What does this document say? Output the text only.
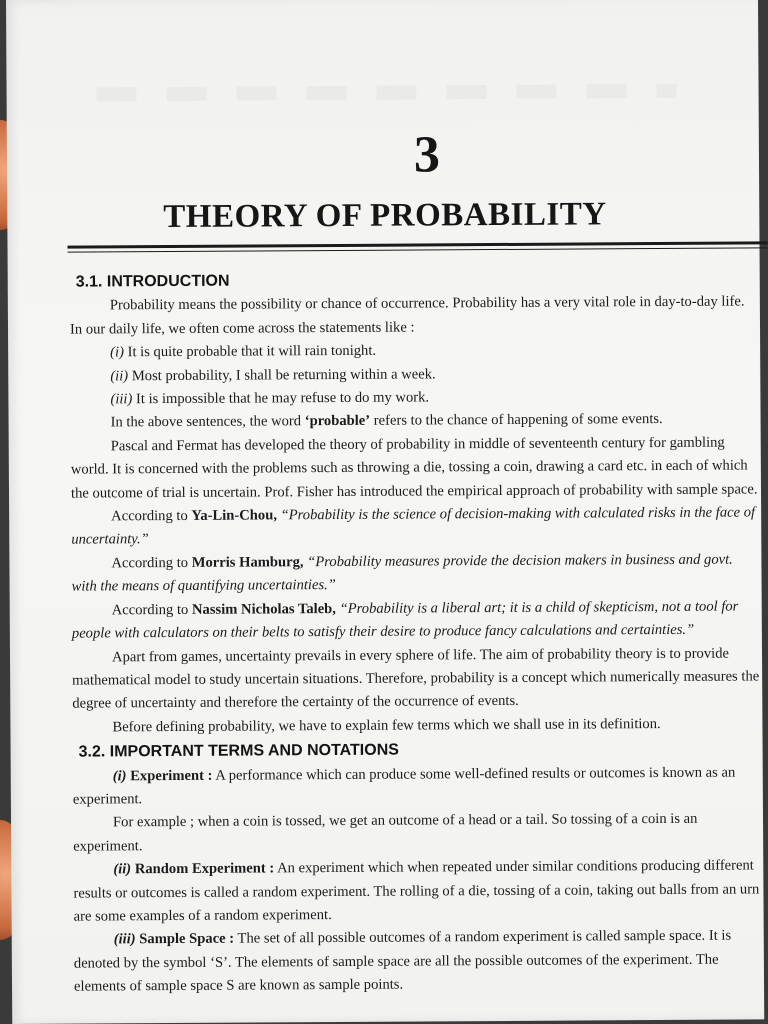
3
THEORY OF PROBABILITY

3.1. INTRODUCTION

Probability means the possibility or chance of occurrence. Probability has a very vital role in day-to-day life. In our daily life, we often come across the statements like :

(i) It is quite probable that it will rain tonight.

(ii) Most probability, I shall be returning within a week.

(iii) It is impossible that he may refuse to do my work.

In the above sentences, the word ‘probable’ refers to the chance of happening of some events.

Pascal and Fermat has developed the theory of probability in middle of seventeenth century for gambling world. It is concerned with the problems such as throwing a die, tossing a coin, drawing a card etc. in each of which the outcome of trial is uncertain. Prof. Fisher has introduced the empirical approach of probability with sample space.

According to Ya-Lin-Chou, “Probability is the science of decision-making with calculated risks in the face of uncertainty.”

According to Morris Hamburg, “Probability measures provide the decision makers in business and govt. with the means of quantifying uncertainties.”

According to Nassim Nicholas Taleb, “Probability is a liberal art; it is a child of skepticism, not a tool for people with calculators on their belts to satisfy their desire to produce fancy calculations and certainties.”

Apart from games, uncertainty prevails in every sphere of life. The aim of probability theory is to provide mathematical model to study uncertain situations. Therefore, probability is a concept which numerically measures the degree of uncertainty and therefore the certainty of the occurrence of events.

Before defining probability, we have to explain few terms which we shall use in its definition.

3.2. IMPORTANT TERMS AND NOTATIONS

(i) Experiment : A performance which can produce some well-defined results or outcomes is known as an experiment.

For example ; when a coin is tossed, we get an outcome of a head or a tail. So tossing of a coin is an experiment.

(ii) Random Experiment : An experiment which when repeated under similar conditions producing different results or outcomes is called a random experiment. The rolling of a die, tossing of a coin, taking out balls from an urn are some examples of a random experiment.

(iii) Sample Space : The set of all possible outcomes of a random experiment is called sample space. It is denoted by the symbol ‘S’. The elements of sample space are all the possible outcomes of the experiment. The elements of sample space S are known as sample points.
